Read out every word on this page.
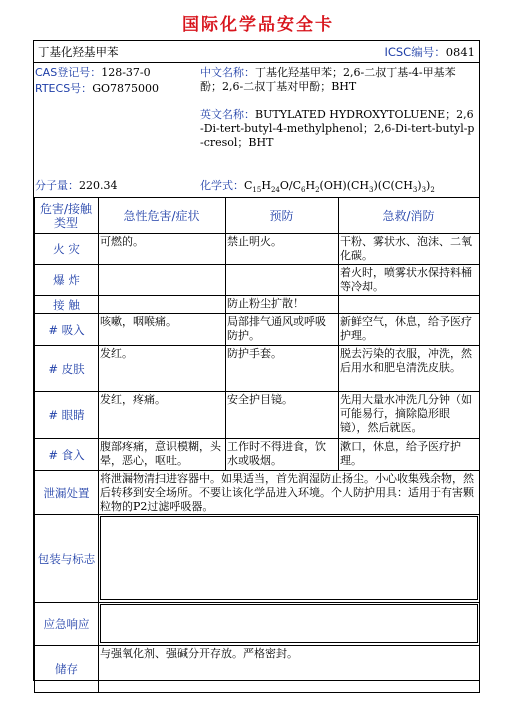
国际化学品安全卡
丁基化羟基甲苯	ICSC编号：0841
CAS登记号：128-37-0
RTECS号：GO7875000
中文名称：丁基化羟基甲苯；2,6-二叔丁基-4-甲基苯酚；2,6-二叔丁基对甲酚；BHT
英文名称：BUTYLATED HYDROXYTOLUENE；2,6-Di-tert-butyl-4-methylphenol；2,6-Di-tert-butyl-p-cresol；BHT
分子量：220.34	化学式：$C_{15}H_{24}O/C_6H_2(OH)(CH_3)(C(CH_3)_3)_2$
危害/接触类型	急性危害/症状	预防	急救/消防
火 灾	可燃的。	禁止明火。	干粉、雾状水、泡沫、二氧化碳。
爆 炸			着火时，喷雾状水保持料桶等冷却。
接 触		防止粉尘扩散！	
# 吸入	咳嗽，咽喉痛。	局部排气通风或呼吸防护。	新鲜空气，休息，给予医疗护理。
# 皮肤	发红。	防护手套。	脱去污染的衣服，冲洗，然后用水和肥皂清洗皮肤。
# 眼睛	发红，疼痛。	安全护目镜。	先用大量水冲洗几分钟（如可能易行，摘除隐形眼镜），然后就医。
# 食入	腹部疼痛，意识模糊，头晕，恶心，呕吐。	工作时不得进食，饮水或吸烟。	漱口，休息，给予医疗护理。
泄漏处置	将泄漏物清扫进容器中。如果适当，首先润湿防止扬尘。小心收集残余物，然后转移到安全场所。不要让该化学品进入环境。个人防护用具：适用于有害颗粒物的P2过滤呼吸器。		
包装与标志			

应急响应			

储存	与强氧化剂、强碱分开存放。严格密封。		
